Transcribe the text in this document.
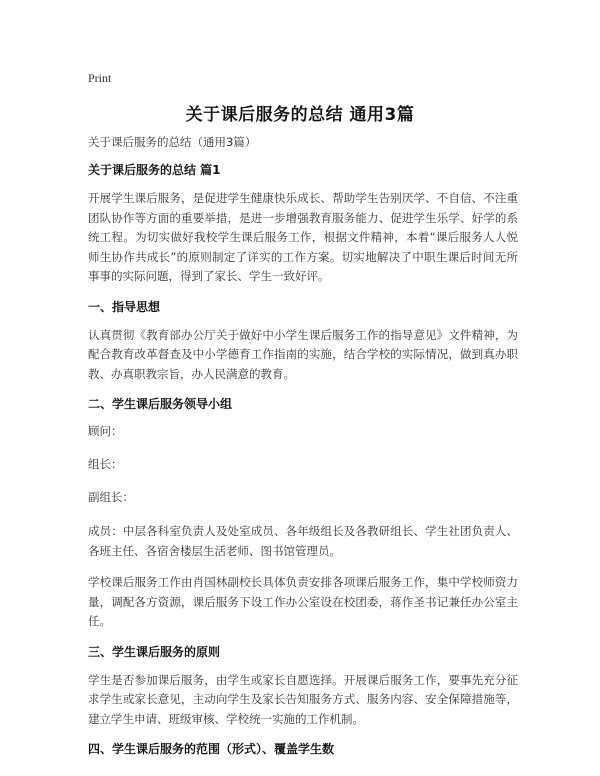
Print
关于课后服务的总结 通用3篇
关于课后服务的总结（通用3篇）
关于课后服务的总结 篇1
开展学生课后服务，是促进学生健康快乐成长、帮助学生告别厌学、不自信、不注重团队协作等方面的重要举措，是进一步增强教育服务能力、促进学生乐学、好学的系统工程。为切实做好我校学生课后服务工作，根据文件精神，本着“课后服务人人悦师生协作共成长”的原则制定了详实的工作方案。切实地解决了中职生课后时间无所事事的实际问题，得到了家长、学生一致好评。
一、指导思想
认真贯彻《教育部办公厅关于做好中小学生课后服务工作的指导意见》文件精神，为配合教育改革督查及中小学德育工作指南的实施，结合学校的实际情况，做到真办职教、办真职教宗旨，办人民满意的教育。
二、学生课后服务领导小组
顾问：
组长：
副组长：
成员：中层各科室负责人及处室成员、各年级组长及各教研组长、学生社团负责人、各班主任、各宿舍楼层生活老师、图书馆管理员。
学校课后服务工作由肖国林副校长具体负责安排各项课后服务工作，集中学校师资力量，调配各方资源，课后服务下设工作办公室设在校团委，蒋作圣书记兼任办公室主任。
三、学生课后服务的原则
学生是否参加课后服务，由学生或家长自愿选择。开展课后服务工作，要事先充分征求学生或家长意见，主动向学生及家长告知服务方式、服务内容、安全保障措施等，建立学生申请、班级审核、学校统一实施的工作机制。
四、学生课后服务的范围（形式）、覆盖学生数
